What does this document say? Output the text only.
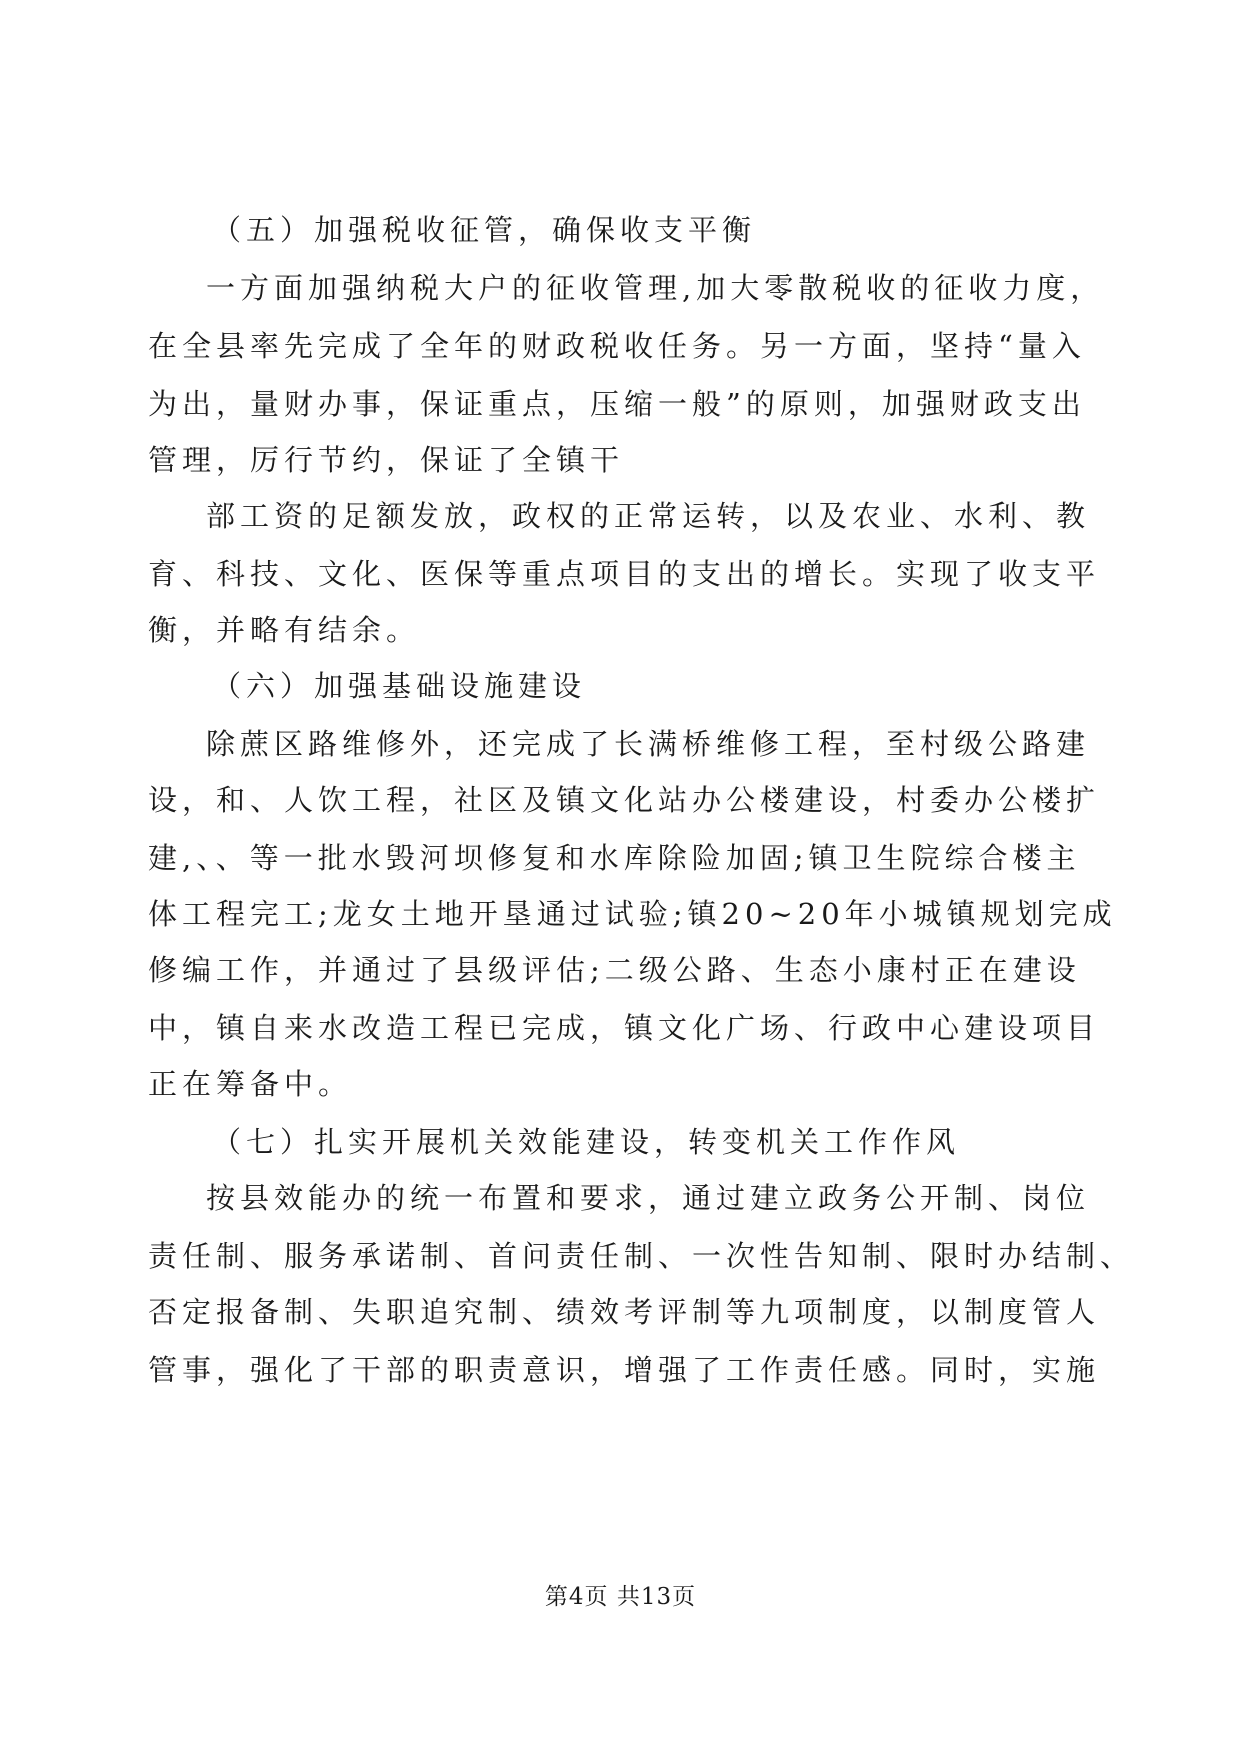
（五）加强税收征管，确保收支平衡
一方面加强纳税大户的征收管理,加大零散税收的征收力度，
在全县率先完成了全年的财政税收任务。另一方面，坚持“量入
为出，量财办事，保证重点，压缩一般”的原则，加强财政支出
管理，厉行节约，保证了全镇干
部工资的足额发放，政权的正常运转，以及农业、水利、教
育、科技、文化、医保等重点项目的支出的增长。实现了收支平
衡，并略有结余。
（六）加强基础设施建设
除蔗区路维修外，还完成了长满桥维修工程，至村级公路建
设，和、人饮工程，社区及镇文化站办公楼建设，村委办公楼扩
建,、、等一批水毁河坝修复和水库除险加固;镇卫生院综合楼主
体工程完工;龙女土地开垦通过试验;镇20~20年小城镇规划完成
修编工作，并通过了县级评估;二级公路、生态小康村正在建设
中，镇自来水改造工程已完成，镇文化广场、行政中心建设项目
正在筹备中。
（七）扎实开展机关效能建设，转变机关工作作风
按县效能办的统一布置和要求，通过建立政务公开制、岗位
责任制、服务承诺制、首问责任制、一次性告知制、限时办结制、
否定报备制、失职追究制、绩效考评制等九项制度，以制度管人
管事，强化了干部的职责意识，增强了工作责任感。同时，实施
第4页 共13页
